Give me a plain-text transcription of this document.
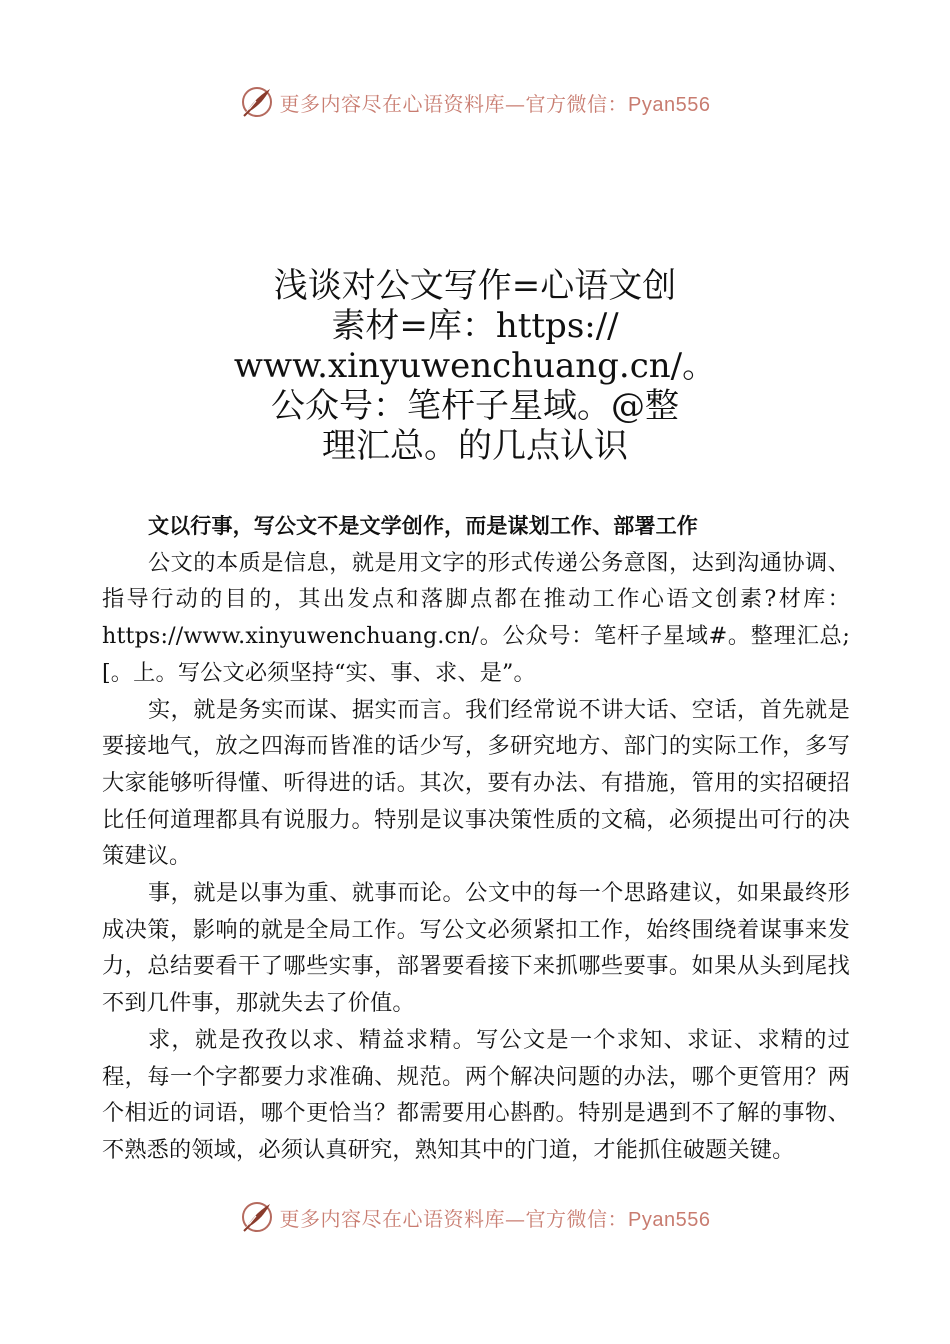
更多内容尽在心语资料库—官方微信：Pyan556
浅谈对公文写作=心语文创
素材=库：https://
www.xinyuwenchuang.cn/。
公众号：笔杆子星域。@整
理汇总。的几点认识

文以行事，写公文不是文学创作，而是谋划工作、部署工作

公文的本质是信息，就是用文字的形式传递公务意图，达到沟通协调、指导行动的目的，其出发点和落脚点都在推动工作心语文创素?材库：https://www.xinyuwenchuang.cn/。公众号：笔杆子星域#。整理汇总;[。上。写公文必须坚持“实、事、求、是”。

实，就是务实而谋、据实而言。我们经常说不讲大话、空话，首先就是要接地气，放之四海而皆准的话少写，多研究地方、部门的实际工作，多写大家能够听得懂、听得进的话。其次，要有办法、有措施，管用的实招硬招比任何道理都具有说服力。特别是议事决策性质的文稿，必须提出可行的决策建议。

事，就是以事为重、就事而论。公文中的每一个思路建议，如果最终形成决策，影响的就是全局工作。写公文必须紧扣工作，始终围绕着谋事来发力，总结要看干了哪些实事，部署要看接下来抓哪些要事。如果从头到尾找不到几件事，那就失去了价值。

求，就是孜孜以求、精益求精。写公文是一个求知、求证、求精的过程，每一个字都要力求准确、规范。两个解决问题的办法，哪个更管用？两个相近的词语，哪个更恰当？都需要用心斟酌。特别是遇到不了解的事物、不熟悉的领域，必须认真研究，熟知其中的门道，才能抓住破题关键。

更多内容尽在心语资料库—官方微信：Pyan556
